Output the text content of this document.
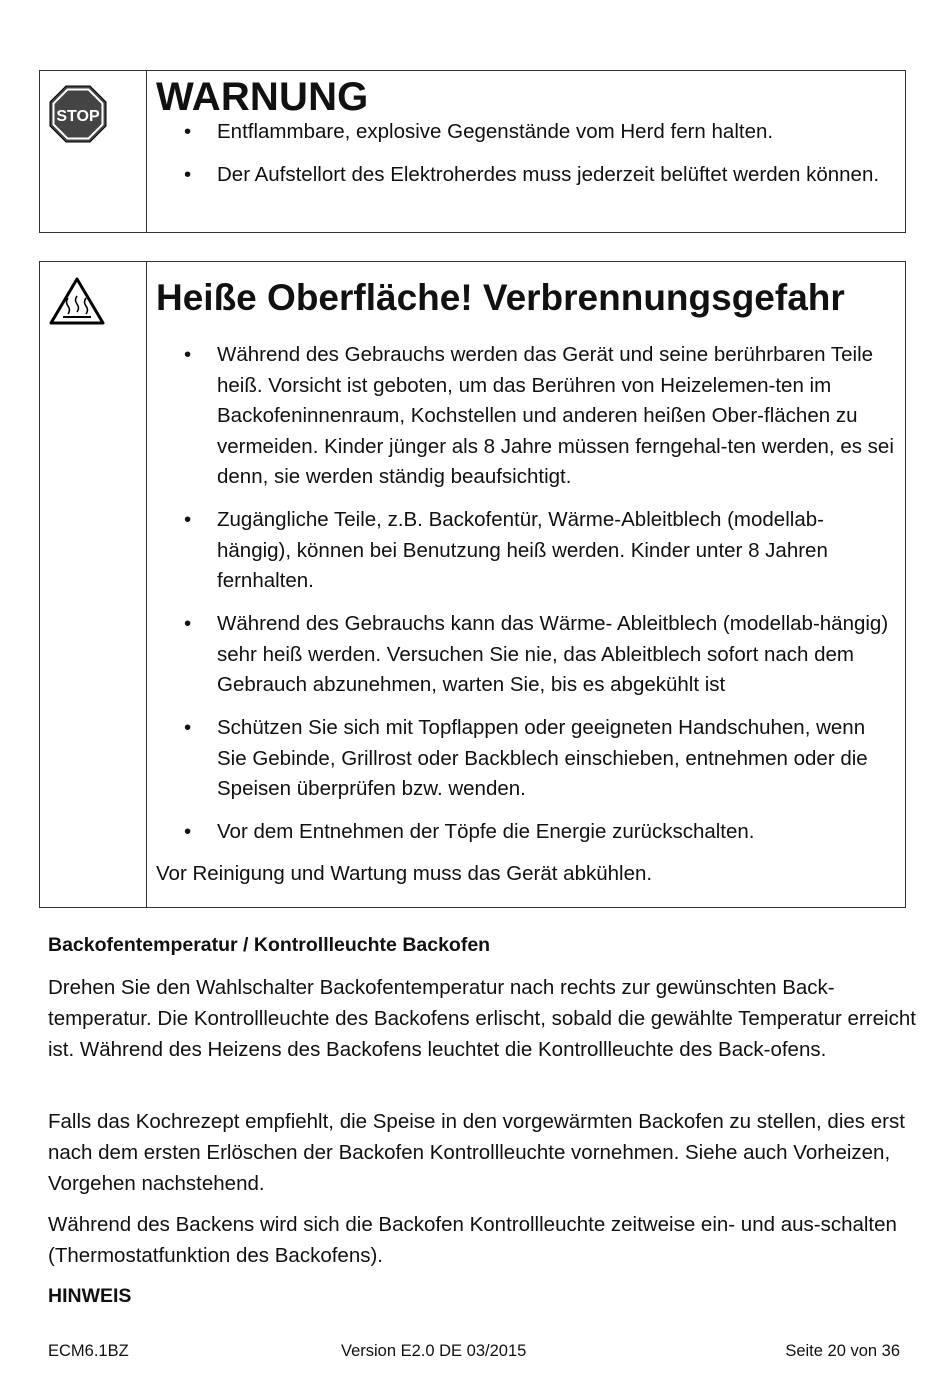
STOP WARNUNG
• Entflammbare, explosive Gegenstände vom Herd fern halten.
• Der Aufstellort des Elektroherdes muss jederzeit belüftet werden können.
Heiße Oberfläche! Verbrennungsgefahr
• Während des Gebrauchs werden das Gerät und seine berührbaren Teile heiß. Vorsicht ist geboten, um das Berühren von Heizelemen-ten im Backofeninnenraum, Kochstellen und anderen heißen Ober-flächen zu vermeiden. Kinder jünger als 8 Jahre müssen ferngehal-ten werden, es sei denn, sie werden ständig beaufsichtigt.
• Zugängliche Teile, z.B. Backofentür, Wärme-Ableitblech (modellab-hängig), können bei Benutzung heiß werden. Kinder unter 8 Jahren fernhalten.
• Während des Gebrauchs kann das Wärme- Ableitblech (modellab-hängig) sehr heiß werden. Versuchen Sie nie, das Ableitblech sofort nach dem Gebrauch abzunehmen, warten Sie, bis es abgekühlt ist
• Schützen Sie sich mit Topflappen oder geeigneten Handschuhen, wenn Sie Gebinde, Grillrost oder Backblech einschieben, entnehmen oder die Speisen überprüfen bzw. wenden.
• Vor dem Entnehmen der Töpfe die Energie zurückschalten.

Vor Reinigung und Wartung muss das Gerät abkühlen.

Backofentemperatur / Kontrollleuchte Backofen

Drehen Sie den Wahlschalter Backofentemperatur nach rechts zur gewünschten Back-temperatur. Die Kontrollleuchte des Backofens erlischt, sobald die gewählte Temperatur erreicht ist. Während des Heizens des Backofens leuchtet die Kontrollleuchte des Back-ofens.

Falls das Kochrezept empfiehlt, die Speise in den vorgewärmten Backofen zu stellen, dies erst nach dem ersten Erlöschen der Backofen Kontrollleuchte vornehmen. Siehe auch Vorheizen, Vorgehen nachstehend.

Während des Backens wird sich die Backofen Kontrollleuchte zeitweise ein- und aus-schalten (Thermostatfunktion des Backofens).

HINWEIS
ECM6.1BZ	Version E2.0 DE 03/2015	Seite 20 von 36
